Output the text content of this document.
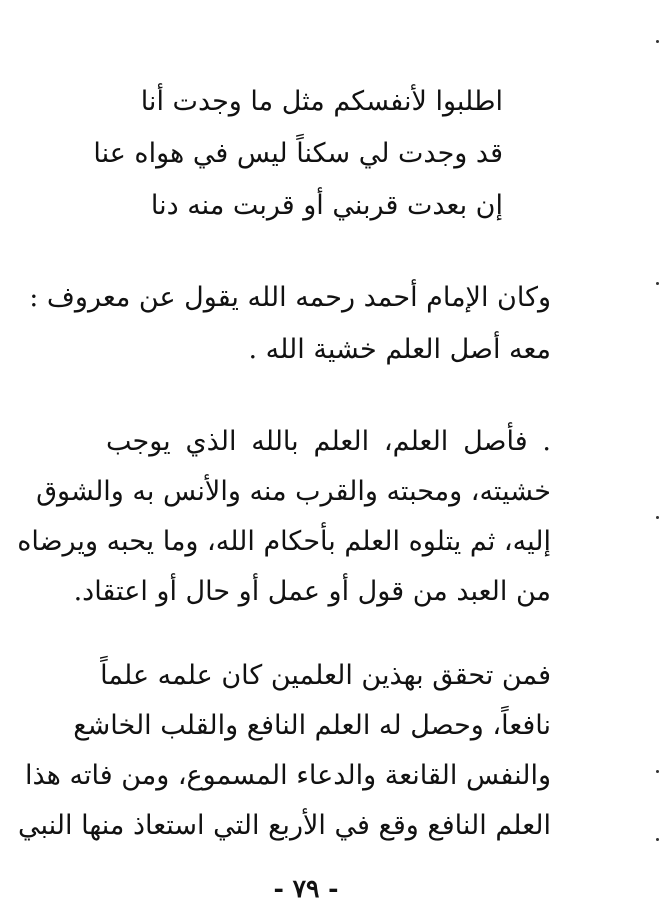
اطلبوا لأنفسكم مثل ما وجدت أنا
قد وجدت لي سكناً ليس في هواه عنا
إن بعدت قربني أو قربت منه دنا
وكان الإمام أحمد رحمه الله يقول عن معروف :
معه أصل العلم خشية الله .
. فأصل العلم، العلم بالله الذي يوجب
خشيته، ومحبته والقرب منه والأنس به والشوق
إليه، ثم يتلوه العلم بأحكام الله، وما يحبه ويرضاه
من العبد من قول أو عمل أو حال أو اعتقاد.
فمن تحقق بهذين العلمين كان علمه علماً
نافعاً، وحصل له العلم النافع والقلب الخاشع
والنفس القانعة والدعاء المسموع، ومن فاته هذا
العلم النافع وقع في الأربع التي استعاذ منها النبي
- ٧٩ -
